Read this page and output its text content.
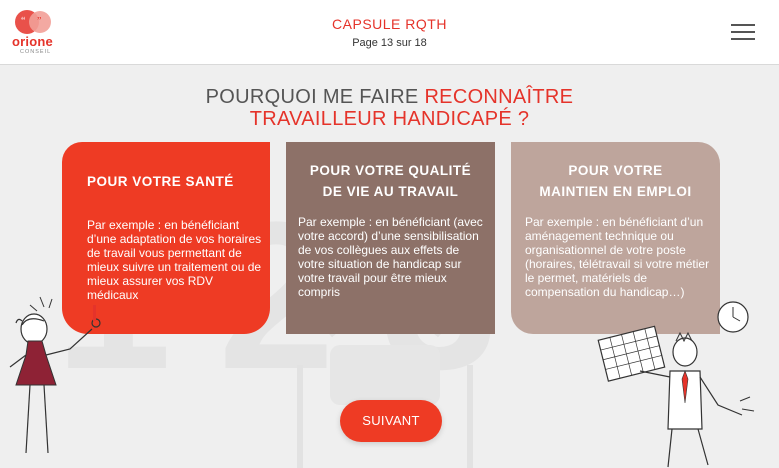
“ ”
orione
CONSEIL
CAPSULE RQTH
Page 13 sur 18
POURQUOI ME FAIRE RECONNAÎTRE
TRAVAILLEUR HANDICAPÉ ?
POUR VOTRE SANTÉ
Par exemple : en bénéficiant d’une adaptation de vos horaires de travail vous permettant de mieux suivre un traitement ou de mieux assurer vos RDV médicaux
POUR VOTRE QUALITÉ
DE VIE AU TRAVAIL
Par exemple : en bénéficiant (avec votre accord) d’une sensibilisation de vos collègues aux effets de votre situation de handicap sur votre travail pour être mieux compris
POUR VOTRE
MAINTIEN EN EMPLOI
Par exemple : en bénéficiant d’un aménagement technique ou organisationnel de votre poste (horaires, télétravail si votre métier le permet, matériels de compensation du handicap…)
SUIVANT
